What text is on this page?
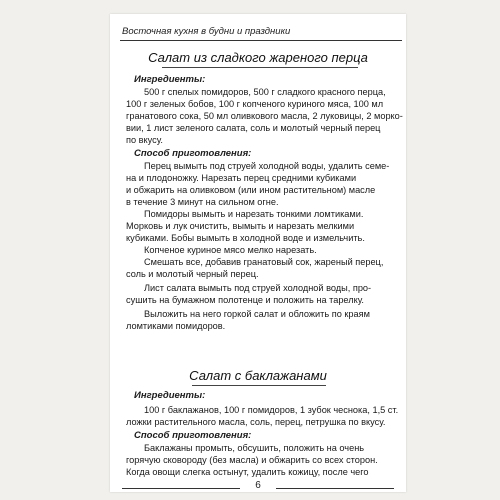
Восточная кухня в будни и праздники
Салат из сладкого жареного перца
Ингредиенты:
500 г спелых помидоров, 500 г сладкого красного перца,
100 г зеленых бобов, 100 г копченого куриного мяса, 100 мл
гранатового сока, 50 мл оливкового масла, 2 луковицы, 2 морко-
вии, 1 лист зеленого салата, соль и молотый черный перец
по вкусу.
Способ приготовления:
Перец вымыть под струей холодной воды, удалить семе-
на и плодоножку. Нарезать перец средними кубиками
и обжарить на оливковом (или ином растительном) масле
в течение 3 минут на сильном огне.
Помидоры вымыть и нарезать тонкими ломтиками.
Морковь и лук очистить, вымыть и нарезать мелкими
кубиками. Бобы вымыть в холодной воде и измельчить.
Копченое куриное мясо мелко нарезать.
Смешать все, добавив гранатовый сок, жареный перец,
соль и молотый черный перец.
Лист салата вымыть под струей холодной воды, про-
сушить на бумажном полотенце и положить на тарелку.
Выложить на него горкой салат и обложить по краям
ломтиками помидоров.
Салат с баклажанами
Ингредиенты:
100 г баклажанов, 100 г помидоров, 1 зубок чеснока, 1,5 ст.
ложки растительного масла, соль, перец, петрушка по вкусу.
Способ приготовления:
Баклажаны промыть, обсушить, положить на очень
горячую сковороду (без масла) и обжарить со всех сторон.
Когда овощи слегка остынут, удалить кожицу, после чего
6
